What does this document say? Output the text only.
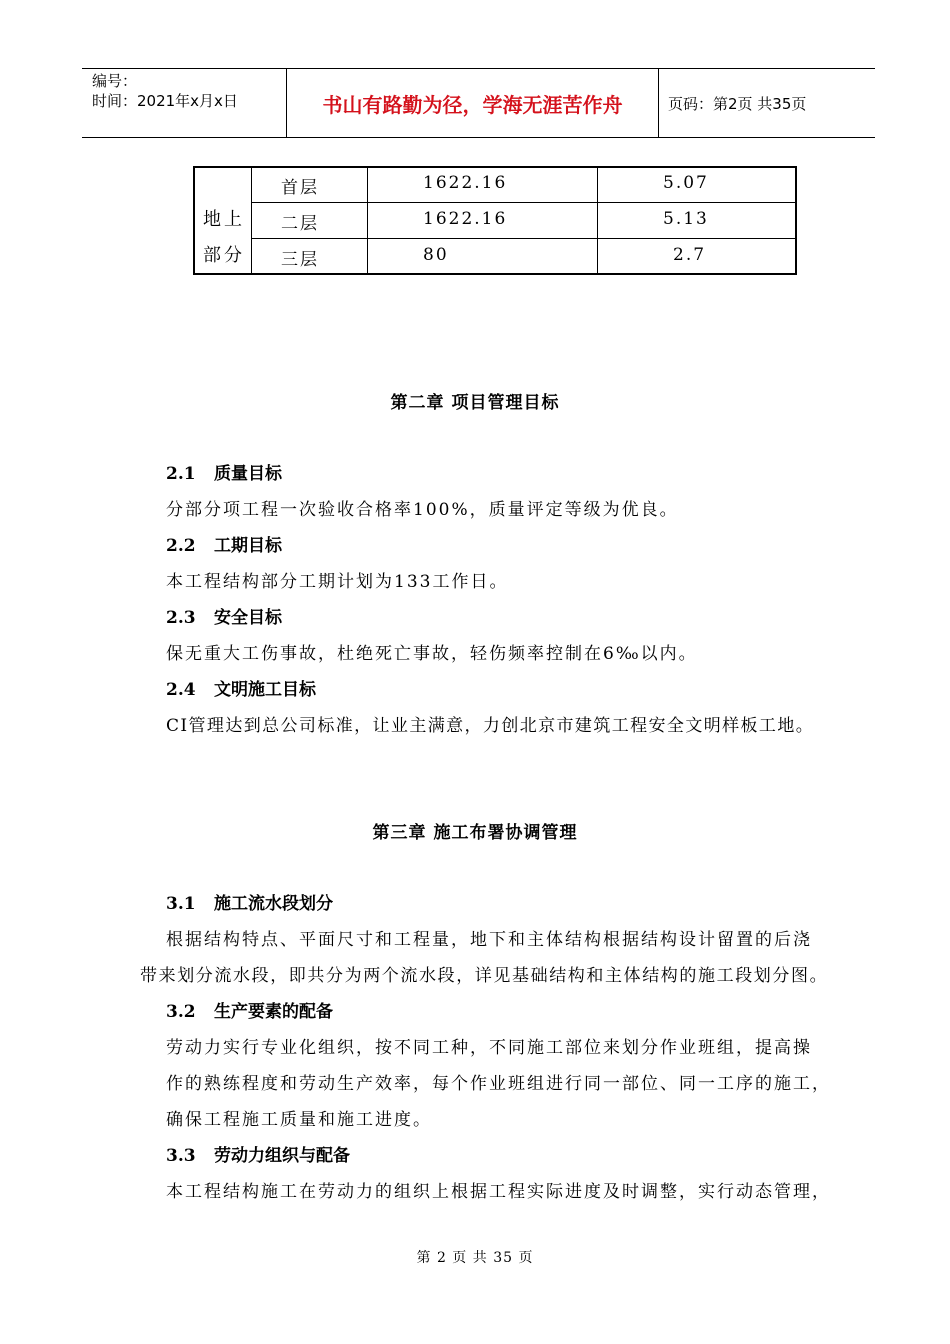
编号：
时间：2021年x月x日	书山有路勤为径，学海无涯苦作舟	页码：第2页 共35页
地上
部分
首层	1622.16	5.07
二层	1622.16	5.13
三层	80	2.7
第二章 项目管理目标
2.1 质量目标
分部分项工程一次验收合格率100%，质量评定等级为优良。
2.2 工期目标
本工程结构部分工期计划为133工作日。
2.3 安全目标
保无重大工伤事故，杜绝死亡事故，轻伤频率控制在6‰以内。
2.4 文明施工目标
CI管理达到总公司标准，让业主满意，力创北京市建筑工程安全文明样板工地。
第三章 施工布署协调管理
3.1 施工流水段划分
根据结构特点、平面尺寸和工程量，地下和主体结构根据结构设计留置的后浇
带来划分流水段，即共分为两个流水段，详见基础结构和主体结构的施工段划分图。
3.2 生产要素的配备
劳动力实行专业化组织，按不同工种，不同施工部位来划分作业班组，提高操
作的熟练程度和劳动生产效率，每个作业班组进行同一部位、同一工序的施工，
确保工程施工质量和施工进度。
3.3 劳动力组织与配备
本工程结构施工在劳动力的组织上根据工程实际进度及时调整，实行动态管理，
第 2 页 共 35 页
